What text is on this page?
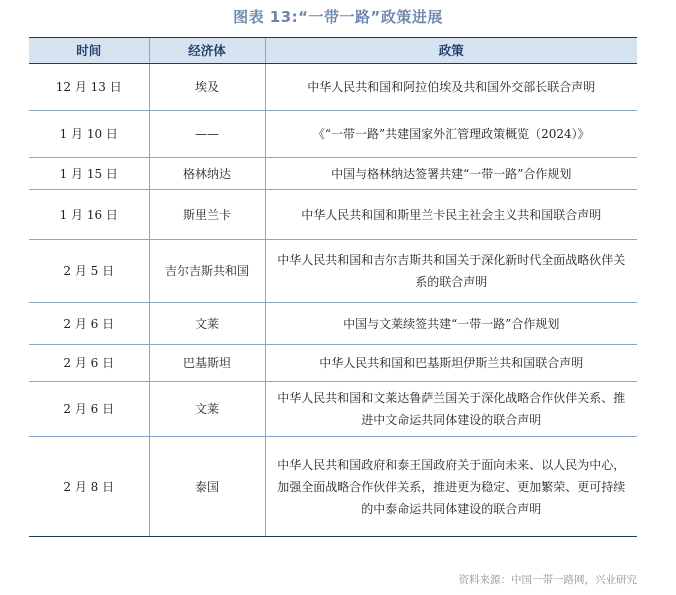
图表 13:“一带一路”政策进展
时间	经济体	政策
12 月 13 日	埃及	中华人民共和国和阿拉伯埃及共和国外交部长联合声明
1 月 10 日	——	《“一带一路”共建国家外汇管理政策概览（2024）》
1 月 15 日	格林纳达	中国与格林纳达签署共建“一带一路”合作规划
1 月 16 日	斯里兰卡	中华人民共和国和斯里兰卡民主社会主义共和国联合声明
2 月 5 日	吉尔吉斯共和国	中华人民共和国和吉尔吉斯共和国关于深化新时代全面战略伙伴关系的联合声明
2 月 6 日	文莱	中国与文莱续签共建“一带一路”合作规划
2 月 6 日	巴基斯坦	中华人民共和国和巴基斯坦伊斯兰共和国联合声明
2 月 6 日	文莱	中华人民共和国和文莱达鲁萨兰国关于深化战略合作伙伴关系、推进中文命运共同体建设的联合声明
2 月 8 日	泰国	中华人民共和国政府和泰王国政府关于面向未来、以人民为中心，加强全面战略合作伙伴关系，推进更为稳定、更加繁荣、更可持续的中泰命运共同体建设的联合声明
资料来源：中国一带一路网，兴业研究
